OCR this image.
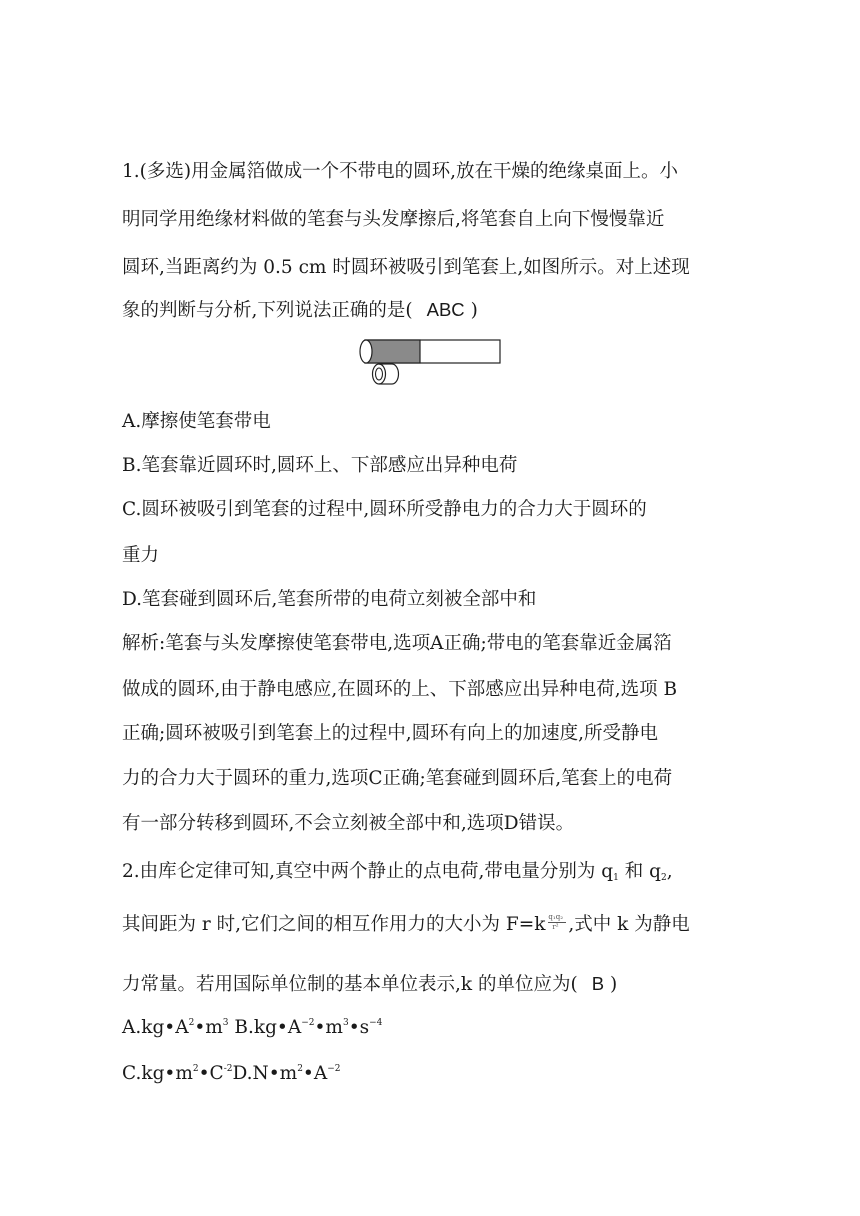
1.(多选)用金属箔做成一个不带电的圆环,放在干燥的绝缘桌面上。小
明同学用绝缘材料做的笔套与头发摩擦后,将笔套自上向下慢慢靠近
圆环,当距离约为 0.5 cm 时圆环被吸引到笔套上,如图所示。对上述现
象的判断与分析,下列说法正确的是( ABC )
A.摩擦使笔套带电
B.笔套靠近圆环时,圆环上、下部感应出异种电荷
C.圆环被吸引到笔套的过程中,圆环所受静电力的合力大于圆环的
重力
D.笔套碰到圆环后,笔套所带的电荷立刻被全部中和
解析:笔套与头发摩擦使笔套带电,选项A正确;带电的笔套靠近金属箔
做成的圆环,由于静电感应,在圆环的上、下部感应出异种电荷,选项 B
正确;圆环被吸引到笔套上的过程中,圆环有向上的加速度,所受静电
力的合力大于圆环的重力,选项C正确;笔套碰到圆环后,笔套上的电荷
有一部分转移到圆环,不会立刻被全部中和,选项D错误。
2.由库仑定律可知,真空中两个静止的点电荷,带电量分别为 $q_1$ 和 $q_2$,
其间距为 r 时,它们之间的相互作用力的大小为 $F=k \frac{\text{q₁q₂}}{\text{r²}}$ ,式中 k 为静电
力常量。若用国际单位制的基本单位表示,k 的单位应为( B )
$A.kg•A^2•m^3$ $B.kg•A^{-2}•m^3•s^{-4}$
$C.kg•m^2•C^{-2}D.N•m^2•A^{-2}$
